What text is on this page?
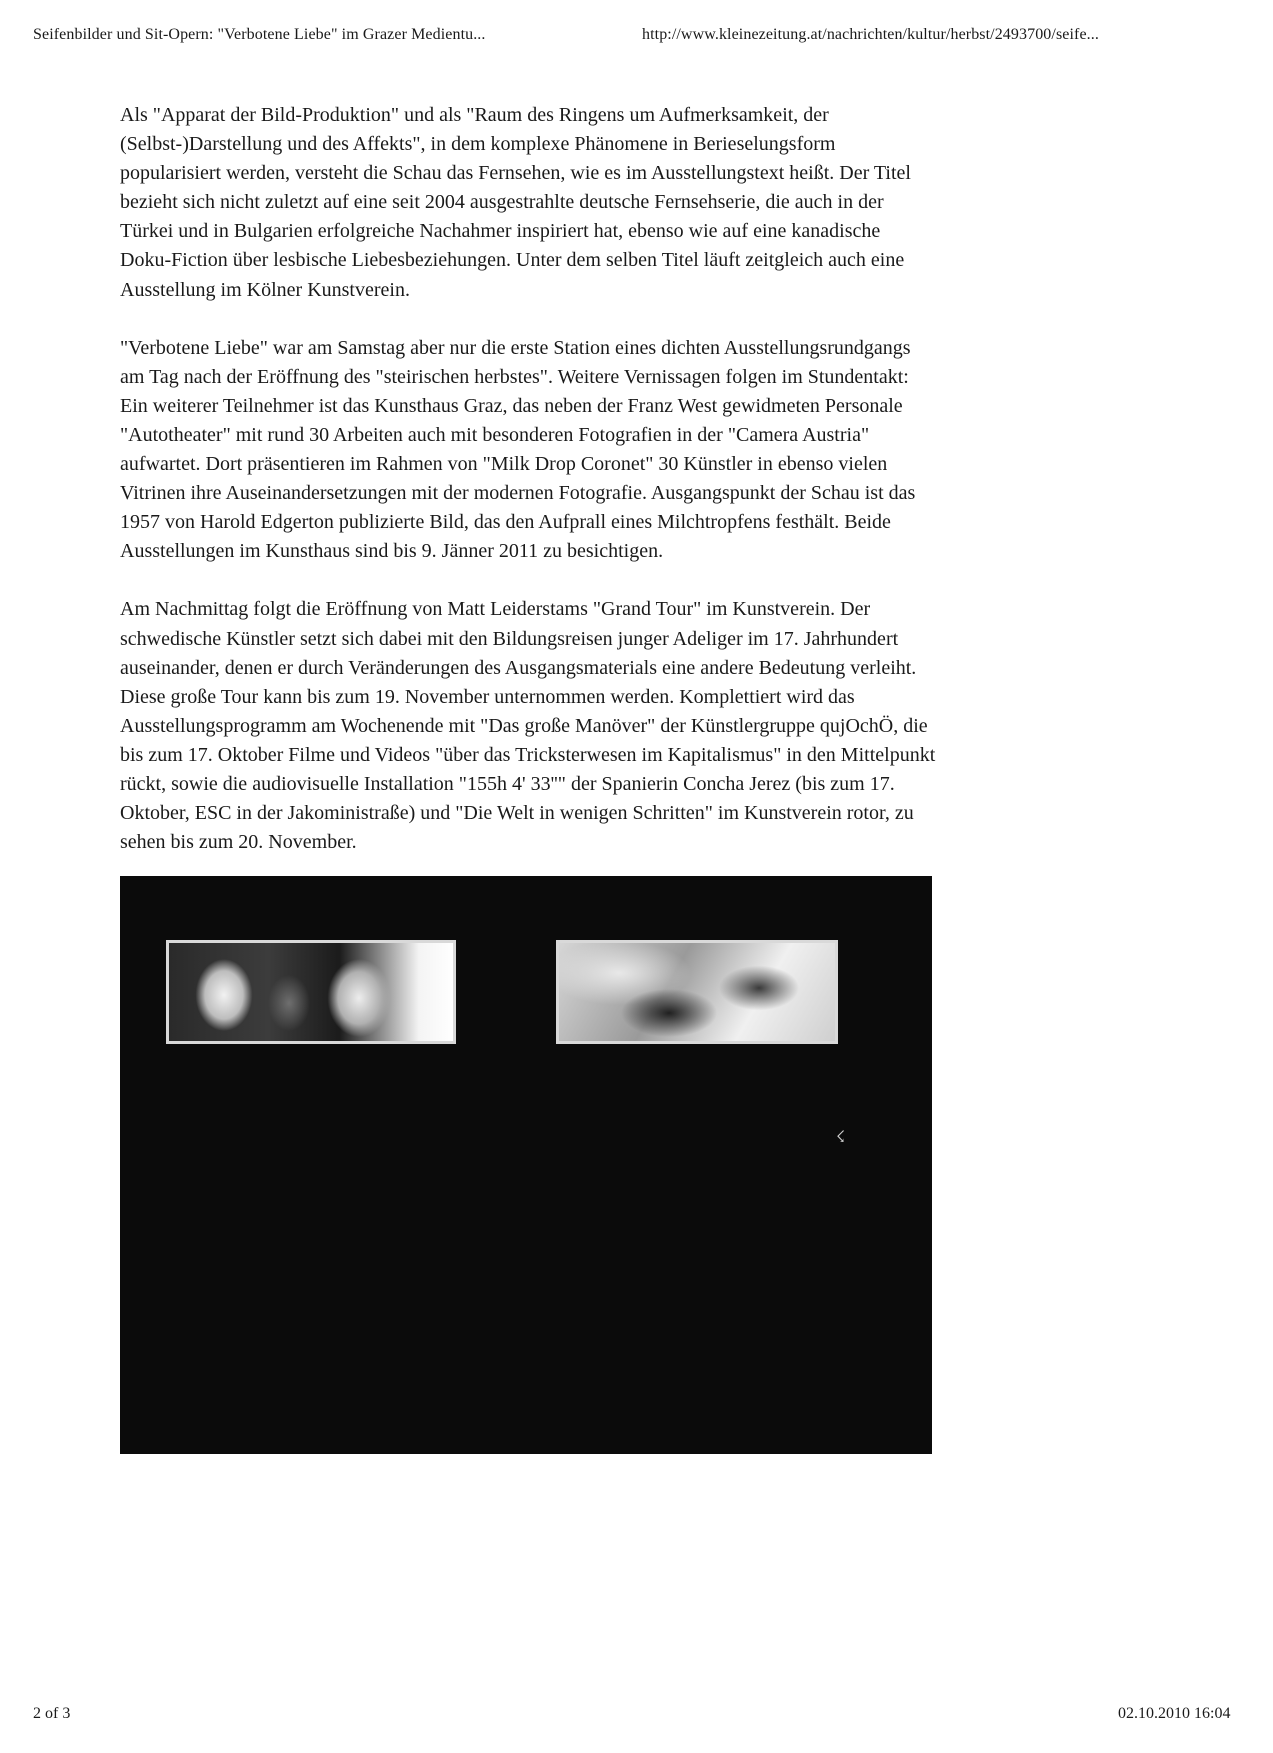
Seifenbilder und Sit-Opern: "Verbotene Liebe" im Grazer Medientu...	http://www.kleinezeitung.at/nachrichten/kultur/herbst/2493700/seife...

Als "Apparat der Bild-Produktion" und als "Raum des Ringens um Aufmerksamkeit, der
(Selbst-)Darstellung und des Affekts", in dem komplexe Phänomene in Berieselungsform
popularisiert werden, versteht die Schau das Fernsehen, wie es im Ausstellungstext heißt. Der Titel
bezieht sich nicht zuletzt auf eine seit 2004 ausgestrahlte deutsche Fernsehserie, die auch in der
Türkei und in Bulgarien erfolgreiche Nachahmer inspiriert hat, ebenso wie auf eine kanadische
Doku-Fiction über lesbische Liebesbeziehungen. Unter dem selben Titel läuft zeitgleich auch eine
Ausstellung im Kölner Kunstverein.

"Verbotene Liebe" war am Samstag aber nur die erste Station eines dichten Ausstellungsrundgangs
am Tag nach der Eröffnung des "steirischen herbstes". Weitere Vernissagen folgen im Stundentakt:
Ein weiterer Teilnehmer ist das Kunsthaus Graz, das neben der Franz West gewidmeten Personale
"Autotheater" mit rund 30 Arbeiten auch mit besonderen Fotografien in der "Camera Austria"
aufwartet. Dort präsentieren im Rahmen von "Milk Drop Coronet" 30 Künstler in ebenso vielen
Vitrinen ihre Auseinandersetzungen mit der modernen Fotografie. Ausgangspunkt der Schau ist das
1957 von Harold Edgerton publizierte Bild, das den Aufprall eines Milchtropfens festhält. Beide
Ausstellungen im Kunsthaus sind bis 9. Jänner 2011 zu besichtigen.

Am Nachmittag folgt die Eröffnung von Matt Leiderstams "Grand Tour" im Kunstverein. Der
schwedische Künstler setzt sich dabei mit den Bildungsreisen junger Adeliger im 17. Jahrhundert
auseinander, denen er durch Veränderungen des Ausgangsmaterials eine andere Bedeutung verleiht.
Diese große Tour kann bis zum 19. November unternommen werden. Komplettiert wird das
Ausstellungsprogramm am Wochenende mit "Das große Manöver" der Künstlergruppe qujOchÖ, die
bis zum 17. Oktober Filme und Videos "über das Tricksterwesen im Kapitalismus" in den Mittelpunkt
rückt, sowie die audiovisuelle Installation "155h 4' 33''" der Spanierin Concha Jerez (bis zum 17.
Oktober, ESC in der Jakoministraße) und "Die Welt in wenigen Schritten" im Kunstverein rotor, zu
sehen bis zum 20. November.

☇
2 of 3	02.10.2010 16:04
